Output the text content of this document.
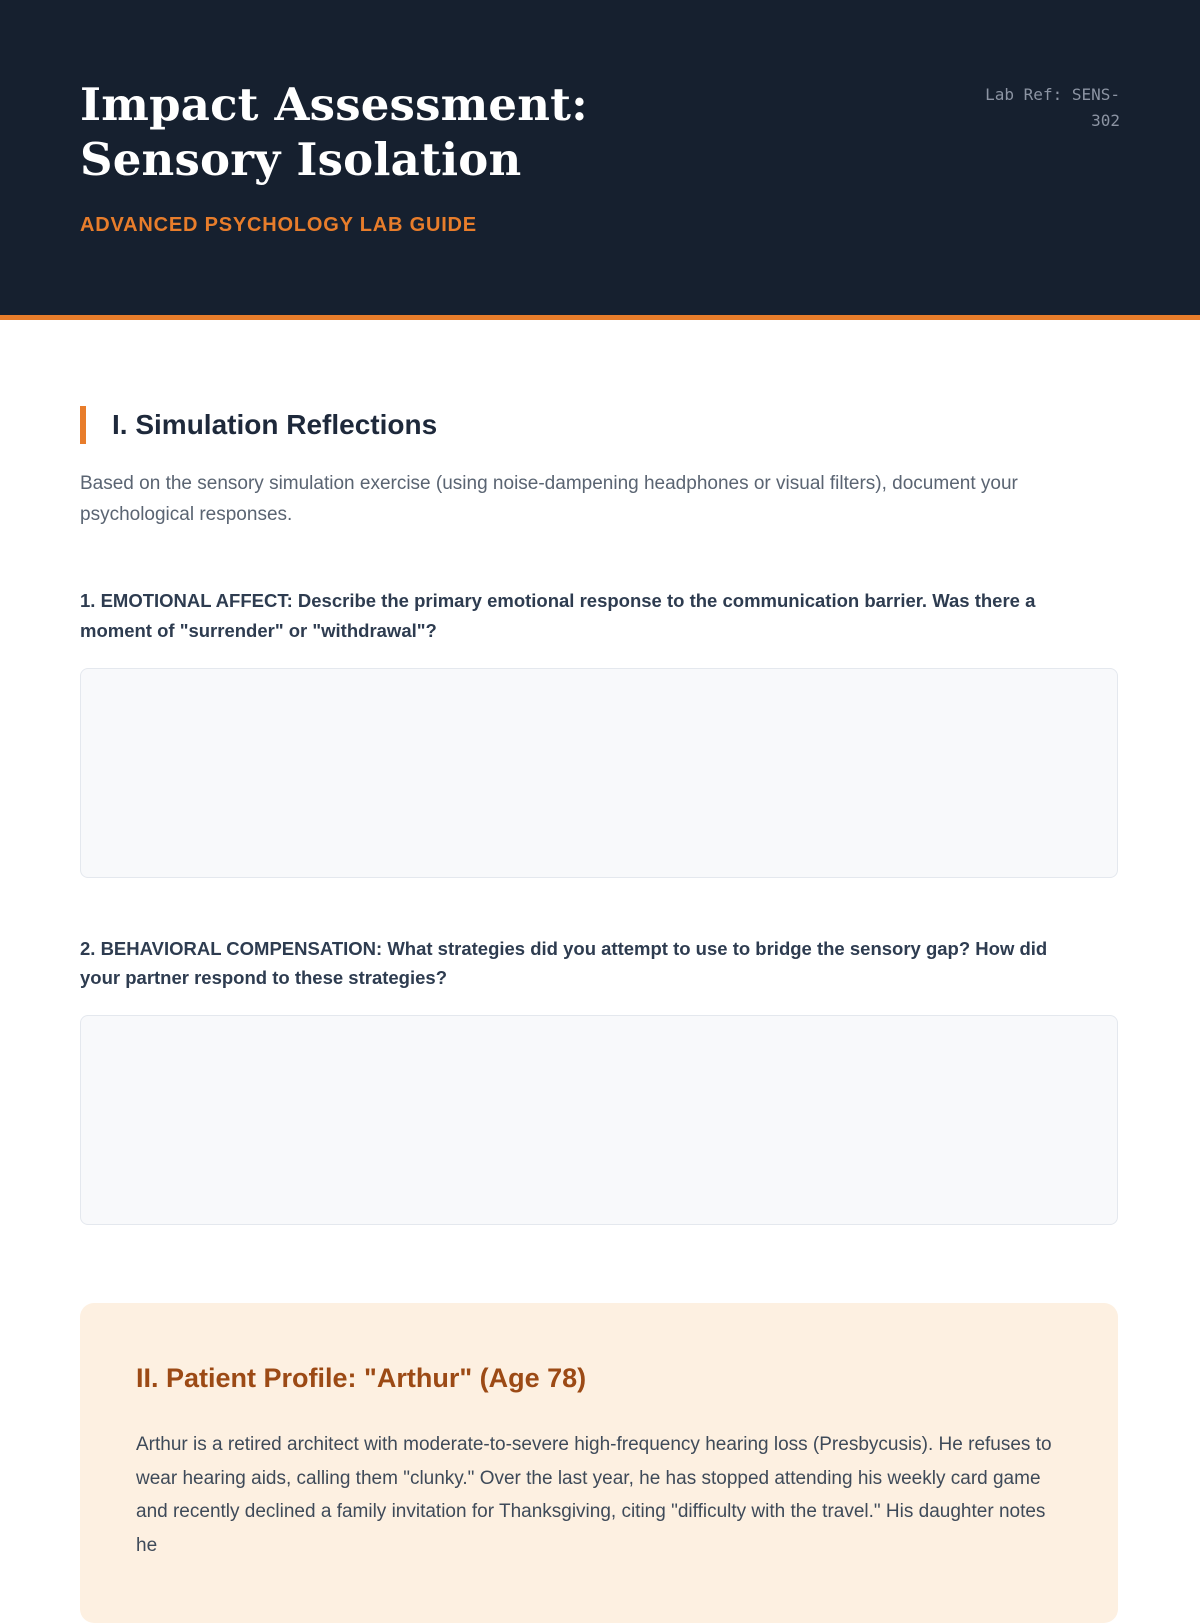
Impact Assessment: Sensory Isolation
Lab Ref: SENS-302
ADVANCED PSYCHOLOGY LAB GUIDE
I. Simulation Reflections

Based on the sensory simulation exercise (using noise-dampening headphones or visual filters), document your psychological responses.

1. EMOTIONAL AFFECT: Describe the primary emotional response to the communication barrier. Was there a moment of "surrender" or "withdrawal"?

2. BEHAVIORAL COMPENSATION: What strategies did you attempt to use to bridge the sensory gap? How did your partner respond to these strategies?

II. Patient Profile: "Arthur" (Age 78)

Arthur is a retired architect with moderate-to-severe high-frequency hearing loss (Presbycusis). He refuses to wear hearing aids, calling them "clunky." Over the last year, he has stopped attending his weekly card game and recently declined a family invitation for Thanksgiving, citing "difficulty with the travel." His daughter notes he
